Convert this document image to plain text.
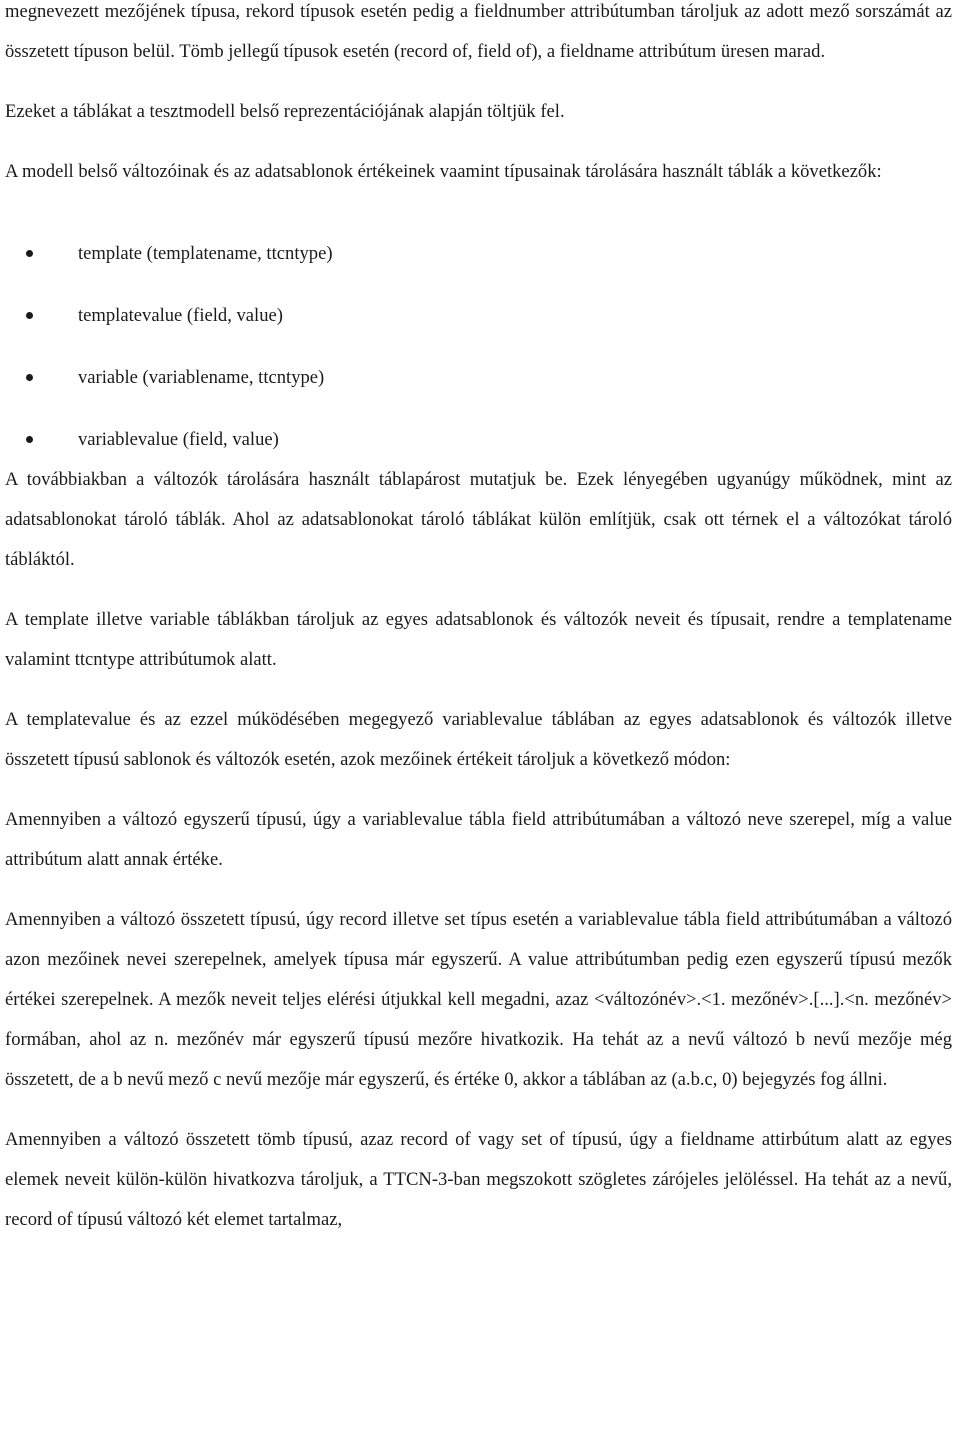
megnevezett mezőjének típusa, rekord típusok esetén pedig a fieldnumber attribútumban tároljuk az adott mező sorszámát az összetett típuson belül. Tömb jellegű típusok esetén (record of, field of), a fieldname attribútum üresen marad.

Ezeket a táblákat a tesztmodell belső reprezentációjának alapján töltjük fel.

A modell belső változóinak és az adatsablonok értékeinek vaamint típusainak tárolására használt táblák a következők:

template (templatename, ttcntype)
templatevalue (field, value)
variable (variablename, ttcntype)
variablevalue (field, value)

A továbbiakban a változók tárolására használt táblapárost mutatjuk be. Ezek lényegében ugyanúgy működnek, mint az adatsablonokat tároló táblák. Ahol az adatsablonokat tároló táblákat külön említjük, csak ott térnek el a változókat tároló tábláktól.

A template illetve variable táblákban tároljuk az egyes adatsablonok és változók neveit és típusait, rendre a templatename valamint ttcntype attribútumok alatt.

A templatevalue és az ezzel múködésében megegyező variablevalue táblában az egyes adatsablonok és változók illetve összetett típusú sablonok és változók esetén, azok mezőinek értékeit tároljuk a következő módon:

Amennyiben a változó egyszerű típusú, úgy a variablevalue tábla field attribútumában a változó neve szerepel, míg a value attribútum alatt annak értéke.

Amennyiben a változó összetett típusú, úgy record illetve set típus esetén a variablevalue tábla field attribútumában a változó azon mezőinek nevei szerepelnek, amelyek típusa már egyszerű. A value attribútumban pedig ezen egyszerű típusú mezők értékei szerepelnek. A mezők neveit teljes elérési útjukkal kell megadni, azaz <változónév>.<1. mezőnév>.[...].<n. mezőnév> formában, ahol az n. mezőnév már egyszerű típusú mezőre hivatkozik. Ha tehát az a nevű változó b nevű mezője még összetett, de a b nevű mező c nevű mezője már egyszerű, és értéke 0, akkor a táblában az (a.b.c, 0) bejegyzés fog állni.

Amennyiben a változó összetett tömb típusú, azaz record of vagy set of típusú, úgy a fieldname attirbútum alatt az egyes elemek neveit külön-külön hivatkozva tároljuk, a TTCN-3-ban megszokott szögletes zárójeles jelöléssel. Ha tehát az a nevű, record of típusú változó két elemet tartalmaz,
